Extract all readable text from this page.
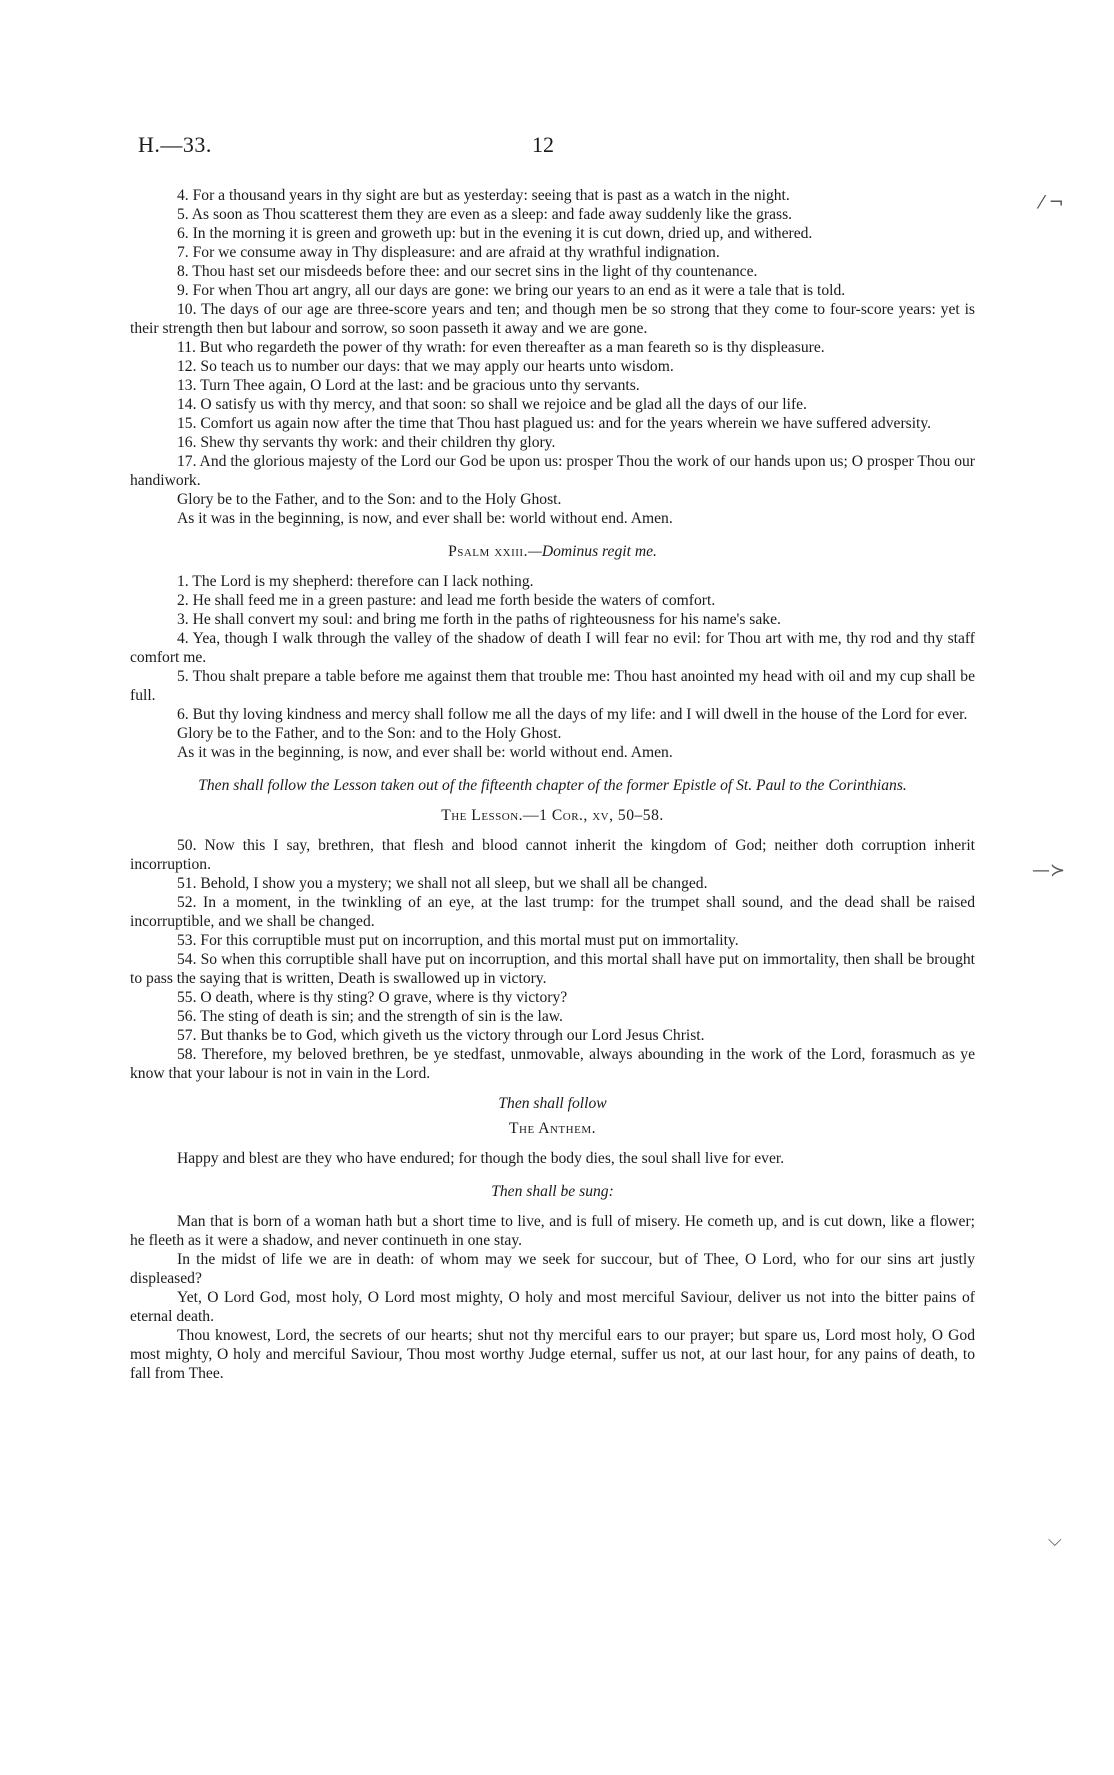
H.—33.	12

4. For a thousand years in thy sight are but as yesterday: seeing that is past as a watch in the night.

5. As soon as Thou scatterest them they are even as a sleep: and fade away suddenly like the grass.

6. In the morning it is green and groweth up: but in the evening it is cut down, dried up, and withered.

7. For we consume away in Thy displeasure: and are afraid at thy wrathful indignation.

8. Thou hast set our misdeeds before thee: and our secret sins in the light of thy countenance.

9. For when Thou art angry, all our days are gone: we bring our years to an end as it were a tale that is told.

10. The days of our age are three-score years and ten; and though men be so strong that they come to four-score years: yet is their strength then but labour and sorrow, so soon passeth it away and we are gone.

11. But who regardeth the power of thy wrath: for even thereafter as a man feareth so is thy displeasure.

12. So teach us to number our days: that we may apply our hearts unto wisdom.

13. Turn Thee again, O Lord at the last: and be gracious unto thy servants.

14. O satisfy us with thy mercy, and that soon: so shall we rejoice and be glad all the days of our life.

15. Comfort us again now after the time that Thou hast plagued us: and for the years wherein we have suffered adversity.

16. Shew thy servants thy work: and their children thy glory.

17. And the glorious majesty of the Lord our God be upon us: prosper Thou the work of our hands upon us; O prosper Thou our handiwork.

Glory be to the Father, and to the Son: and to the Holy Ghost.

As it was in the beginning, is now, and ever shall be: world without end. Amen.

Psalm xxiii.—Dominus regit me.

1. The Lord is my shepherd: therefore can I lack nothing.

2. He shall feed me in a green pasture: and lead me forth beside the waters of comfort.

3. He shall convert my soul: and bring me forth in the paths of righteousness for his name's sake.

4. Yea, though I walk through the valley of the shadow of death I will fear no evil: for Thou art with me, thy rod and thy staff comfort me.

5. Thou shalt prepare a table before me against them that trouble me: Thou hast anointed my head with oil and my cup shall be full.

6. But thy loving kindness and mercy shall follow me all the days of my life: and I will dwell in the house of the Lord for ever.

Glory be to the Father, and to the Son: and to the Holy Ghost.

As it was in the beginning, is now, and ever shall be: world without end. Amen.

Then shall follow the Lesson taken out of the fifteenth chapter of the former Epistle of St. Paul to the Corinthians.

The Lesson.—1 Cor., xv, 50–58.

50. Now this I say, brethren, that flesh and blood cannot inherit the kingdom of God; neither doth corruption inherit incorruption.

51. Behold, I show you a mystery; we shall not all sleep, but we shall all be changed.

52. In a moment, in the twinkling of an eye, at the last trump: for the trumpet shall sound, and the dead shall be raised incorruptible, and we shall be changed.

53. For this corruptible must put on incorruption, and this mortal must put on immortality.

54. So when this corruptible shall have put on incorruption, and this mortal shall have put on immortality, then shall be brought to pass the saying that is written, Death is swallowed up in victory.

55. O death, where is thy sting? O grave, where is thy victory?

56. The sting of death is sin; and the strength of sin is the law.

57. But thanks be to God, which giveth us the victory through our Lord Jesus Christ.

58. Therefore, my beloved brethren, be ye stedfast, unmovable, always abounding in the work of the Lord, forasmuch as ye know that your labour is not in vain in the Lord.

Then shall follow

The Anthem.

Happy and blest are they who have endured; for though the body dies, the soul shall live for ever.

Then shall be sung:

Man that is born of a woman hath but a short time to live, and is full of misery. He cometh up, and is cut down, like a flower; he fleeth as it were a shadow, and never continueth in one stay.

In the midst of life we are in death: of whom may we seek for succour, but of Thee, O Lord, who for our sins art justly displeased?

Yet, O Lord God, most holy, O Lord most mighty, O holy and most merciful Saviour, deliver us not into the bitter pains of eternal death.

Thou knowest, Lord, the secrets of our hearts; shut not thy merciful ears to our prayer; but spare us, Lord most holy, O God most mighty, O holy and merciful Saviour, Thou most worthy Judge eternal, suffer us not, at our last hour, for any pains of death, to fall from Thee.

⁄ ¬
—≻
⌵
